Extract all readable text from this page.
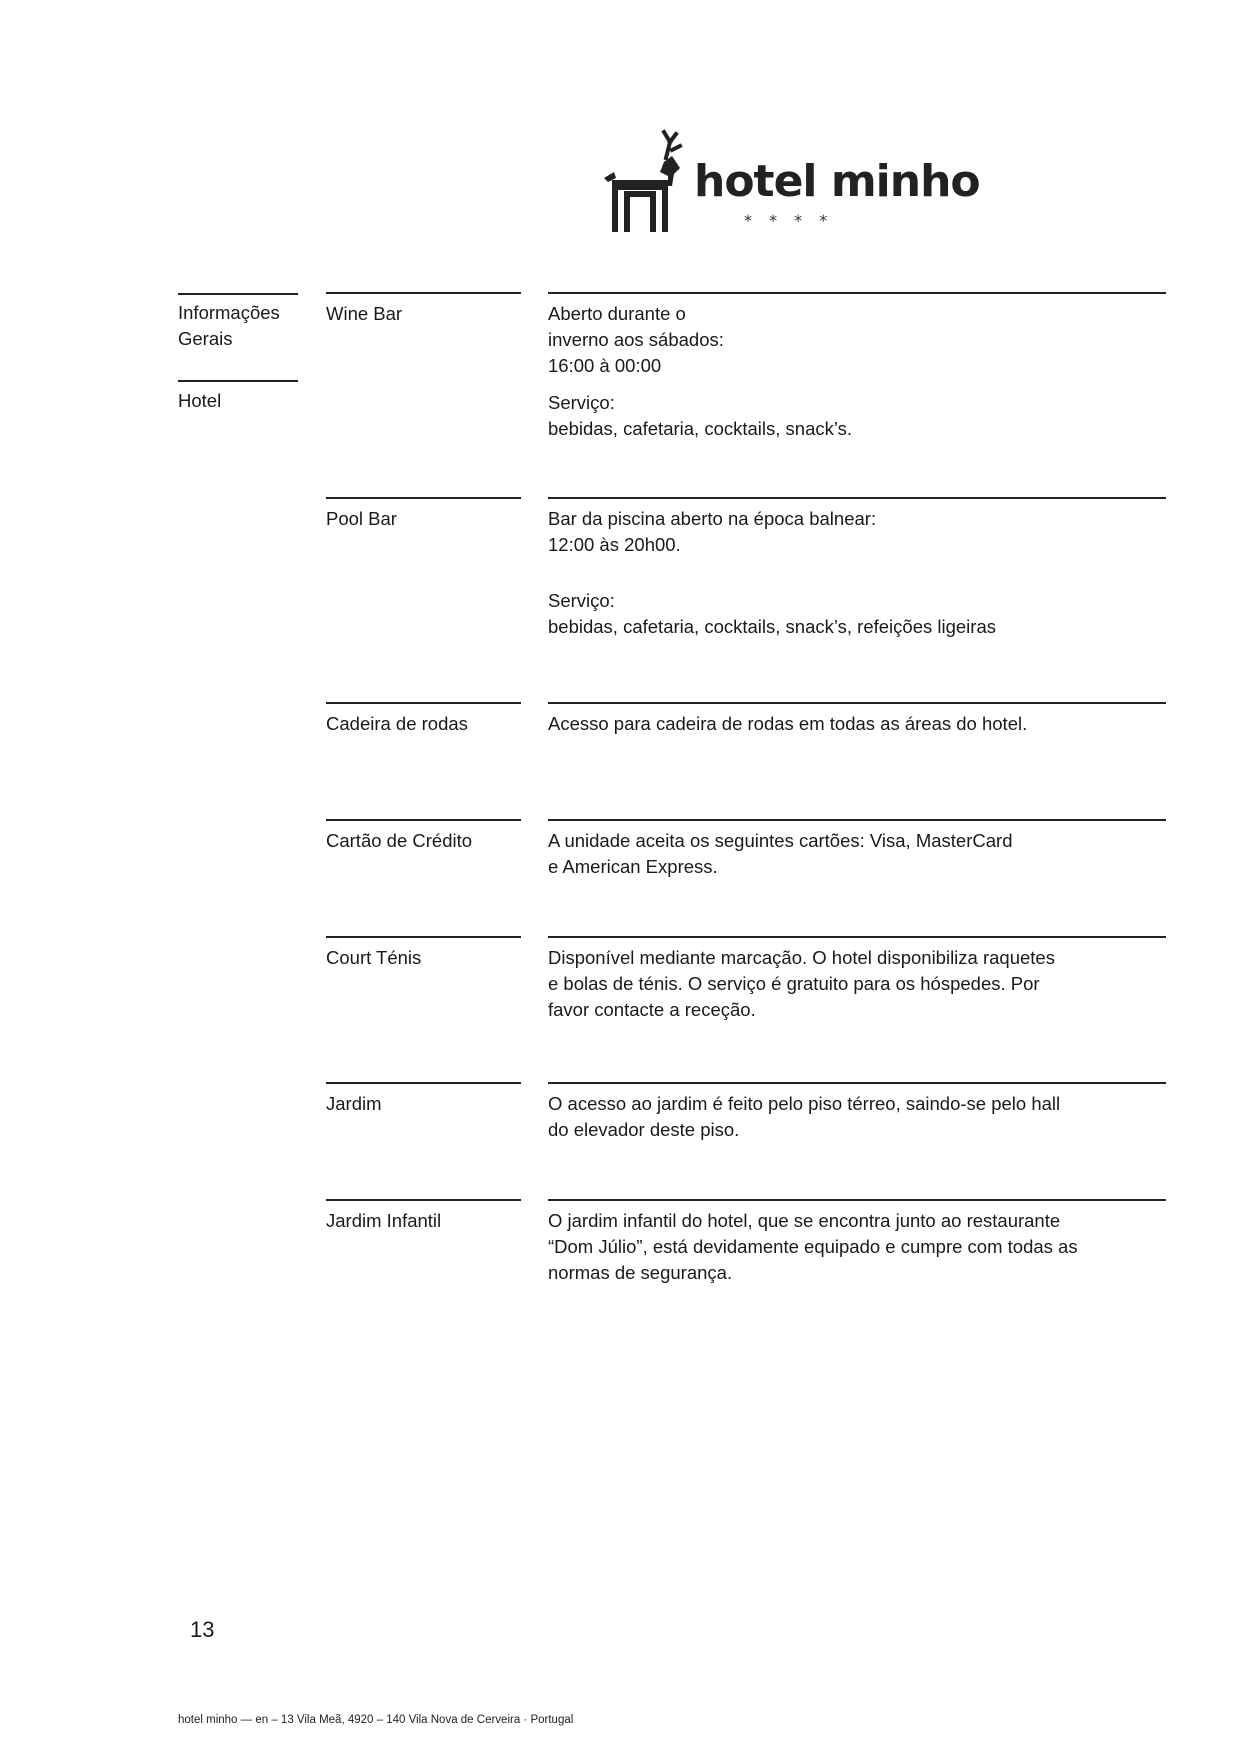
hotel minho
* * * *
Informações Gerais
Hotel
Wine Bar	Aberto durante o
inverno aos sábados:
16:00 à 00:00

Serviço:
bebidas, cafetaria, cocktails, snack’s.

Pool Bar	Bar da piscina aberto na época balnear:
12:00 às 20h00.

Serviço:
bebidas, cafetaria, cocktails, snack’s, refeições ligeiras

Cadeira de rodas	Acesso para cadeira de rodas em todas as áreas do hotel.

Cartão de Crédito	A unidade aceita os seguintes cartões: Visa, MasterCard
e American Express.

Court Ténis	Disponível mediante marcação. O hotel disponibiliza raquetes
e bolas de ténis. O serviço é gratuito para os hóspedes. Por
favor contacte a receção.

Jardim	O acesso ao jardim é feito pelo piso térreo, saindo-se pelo hall
do elevador deste piso.

Jardim Infantil	O jardim infantil do hotel, que se encontra junto ao restaurante
“Dom Júlio”, está devidamente equipado e cumpre com todas as
normas de segurança.

13
hotel minho — en – 13 Vila Meã, 4920 – 140 Vila Nova de Cerveira · Portugal
